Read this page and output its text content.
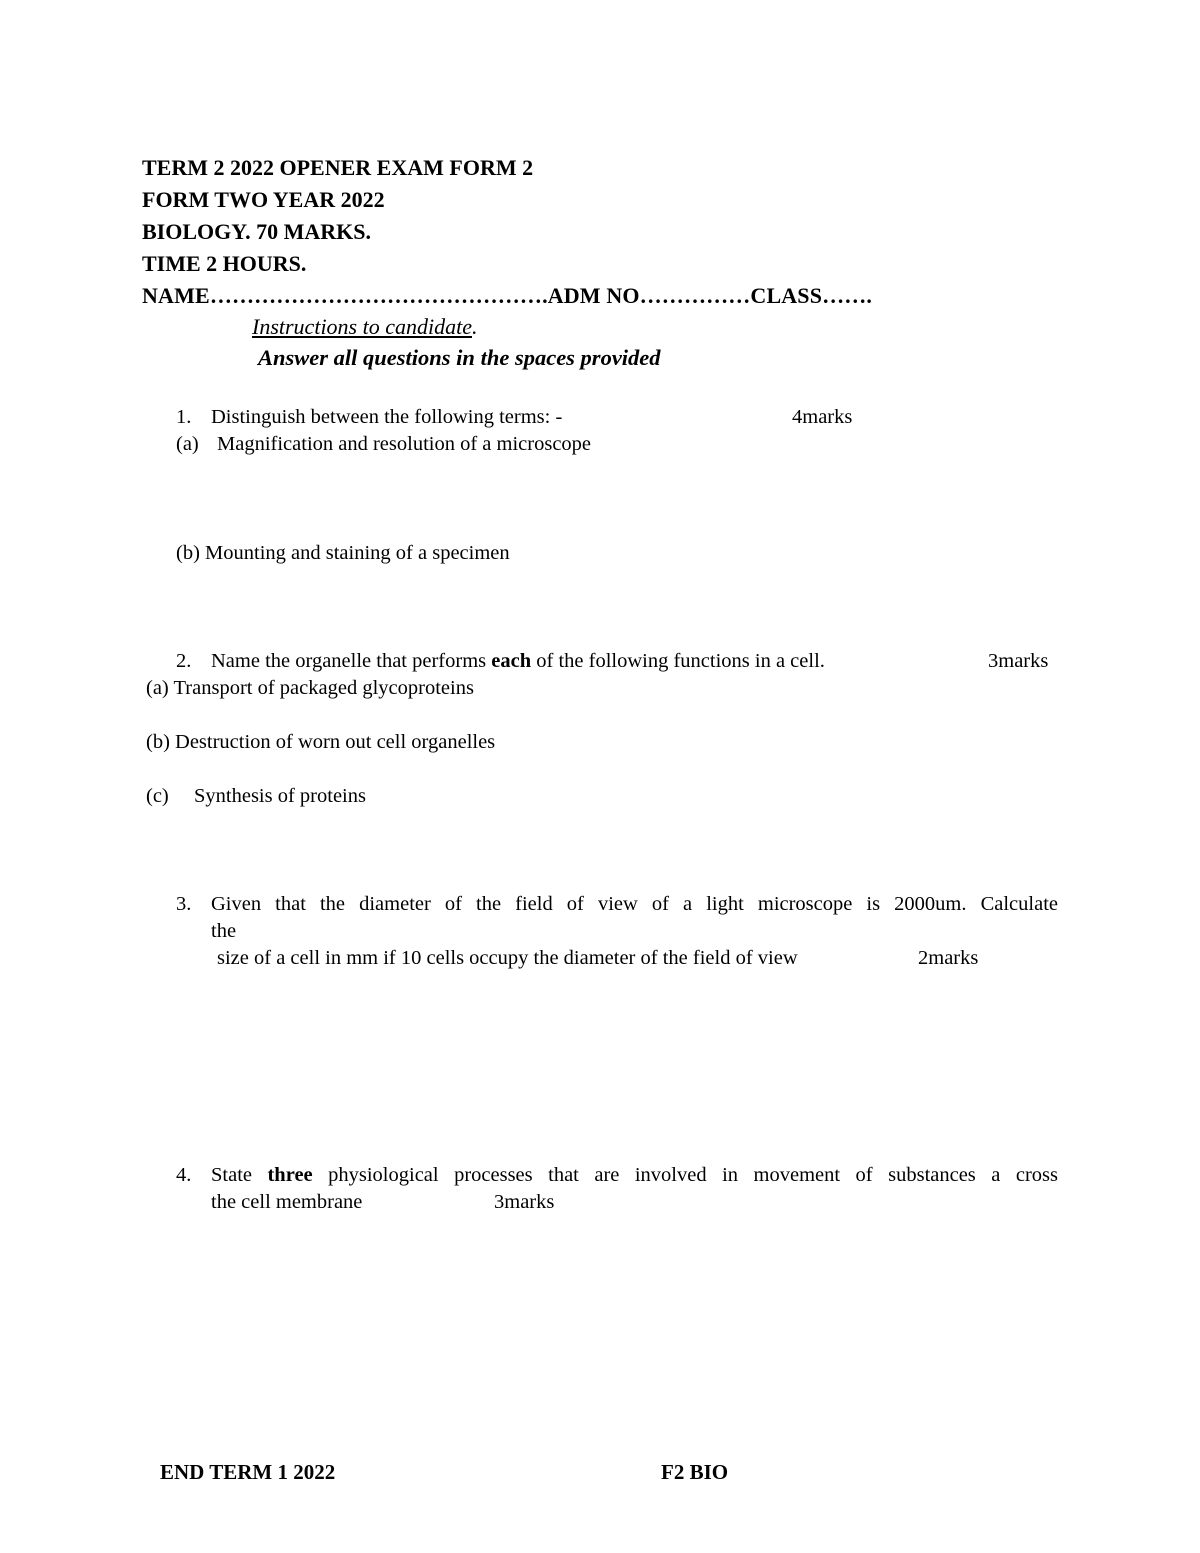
TERM 2 2022 OPENER EXAM FORM 2
FORM TWO YEAR 2022
BIOLOGY. 70 MARKS.
TIME 2 HOURS.
NAME……………………………………….ADM NO……………CLASS…….
Instructions to candidate.
Answer all questions in the spaces provided
1. Distinguish between the following terms: -	4marks
(a) Magnification and resolution of a microscope
(b) Mounting and staining of a specimen
2. Name the organelle that performs each of the following functions in a cell.	3marks
(a) Transport of packaged glycoproteins
(b) Destruction of worn out cell organelles
(c) Synthesis of proteins
3. Given that the diameter of the field of view of a light microscope is 2000um. Calculate
the
size of a cell in mm if 10 cells occupy the diameter of the field of view	2marks
4. State three physiological processes that are involved in movement of substances a cross
the cell membrane	3marks
END TERM 1 2022	F2 BIO
